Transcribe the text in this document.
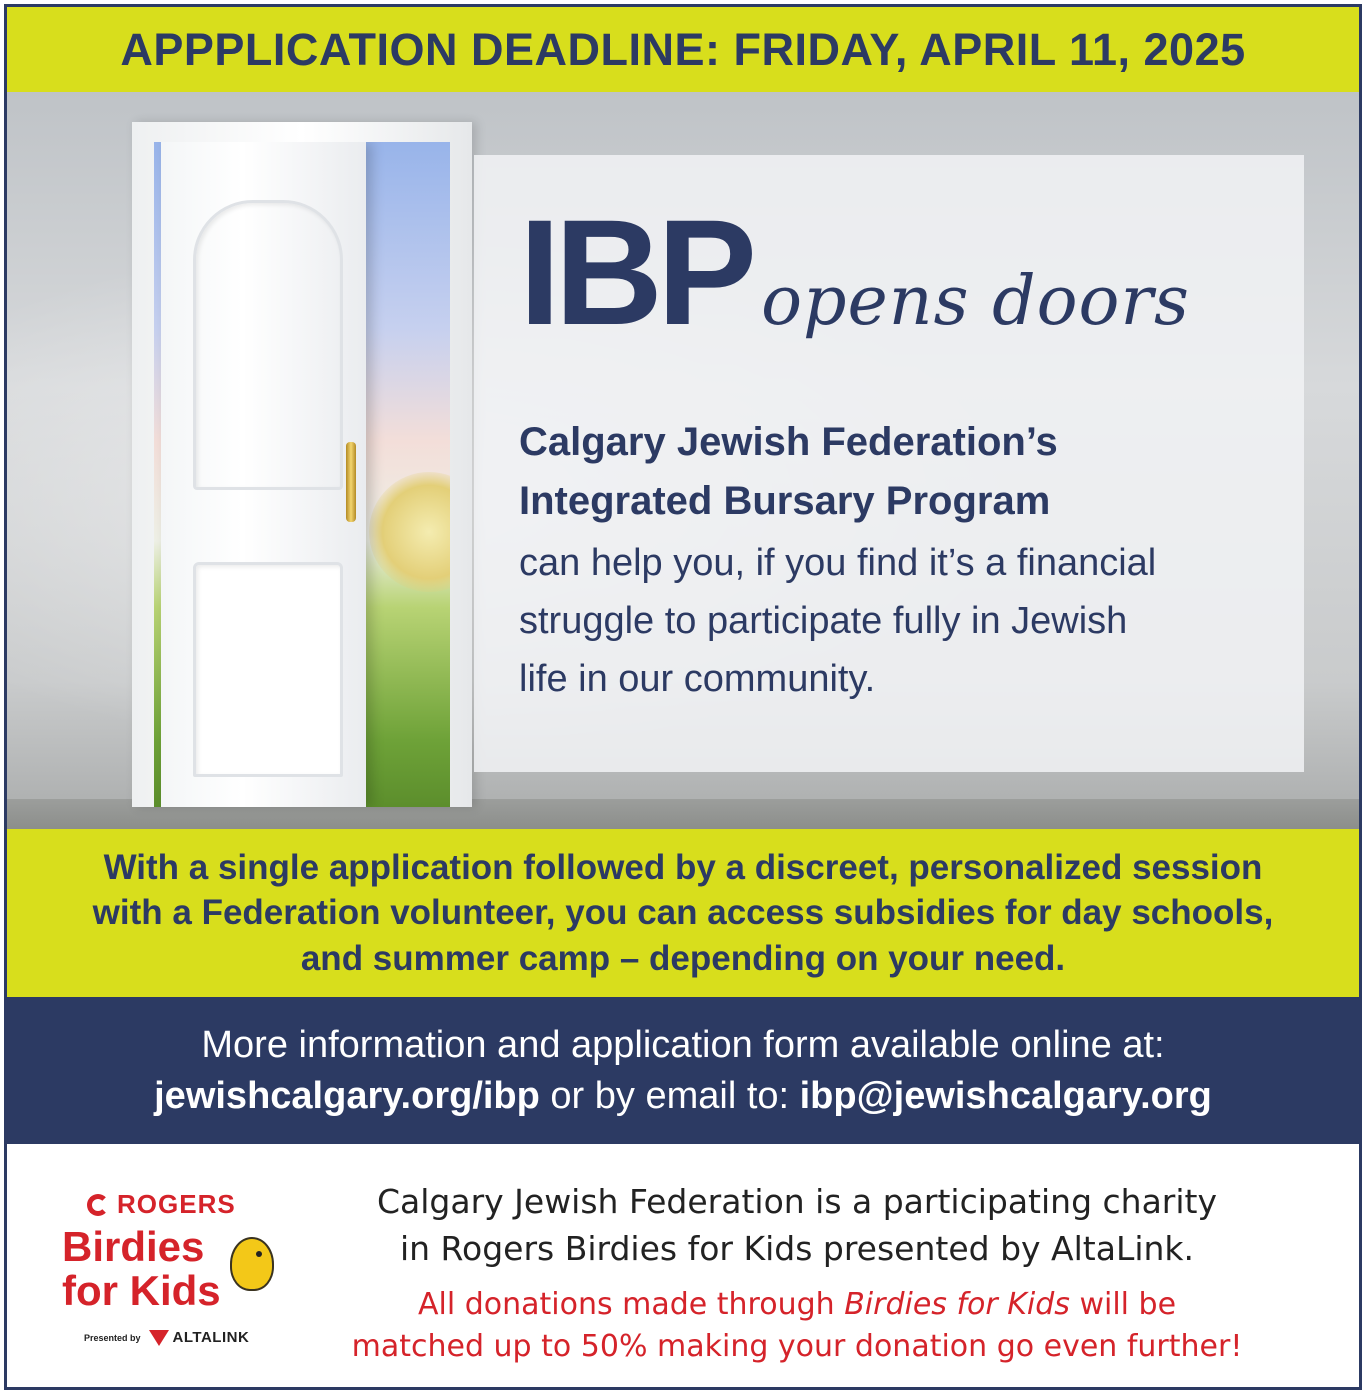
APPPLICATION DEADLINE: FRIDAY, APRIL 11, 2025
IBP opens doors
Calgary Jewish Federation’s
Integrated Bursary Program
can help you, if you find it’s a financial
struggle to participate fully in Jewish
life in our community.
With a single application followed by a discreet, personalized session
with a Federation volunteer, you can access subsidies for day schools,
and summer camp – depending on your need.
More information and application form available online at:
jewishcalgary.org/ibp or by email to: ibp@jewishcalgary.org
ROGERS
Birdies
for Kids
Presented by ALTALINK
Calgary Jewish Federation is a participating charity
in Rogers Birdies for Kids presented by AltaLink.
All donations made through Birdies for Kids will be
matched up to 50% making your donation go even further!
